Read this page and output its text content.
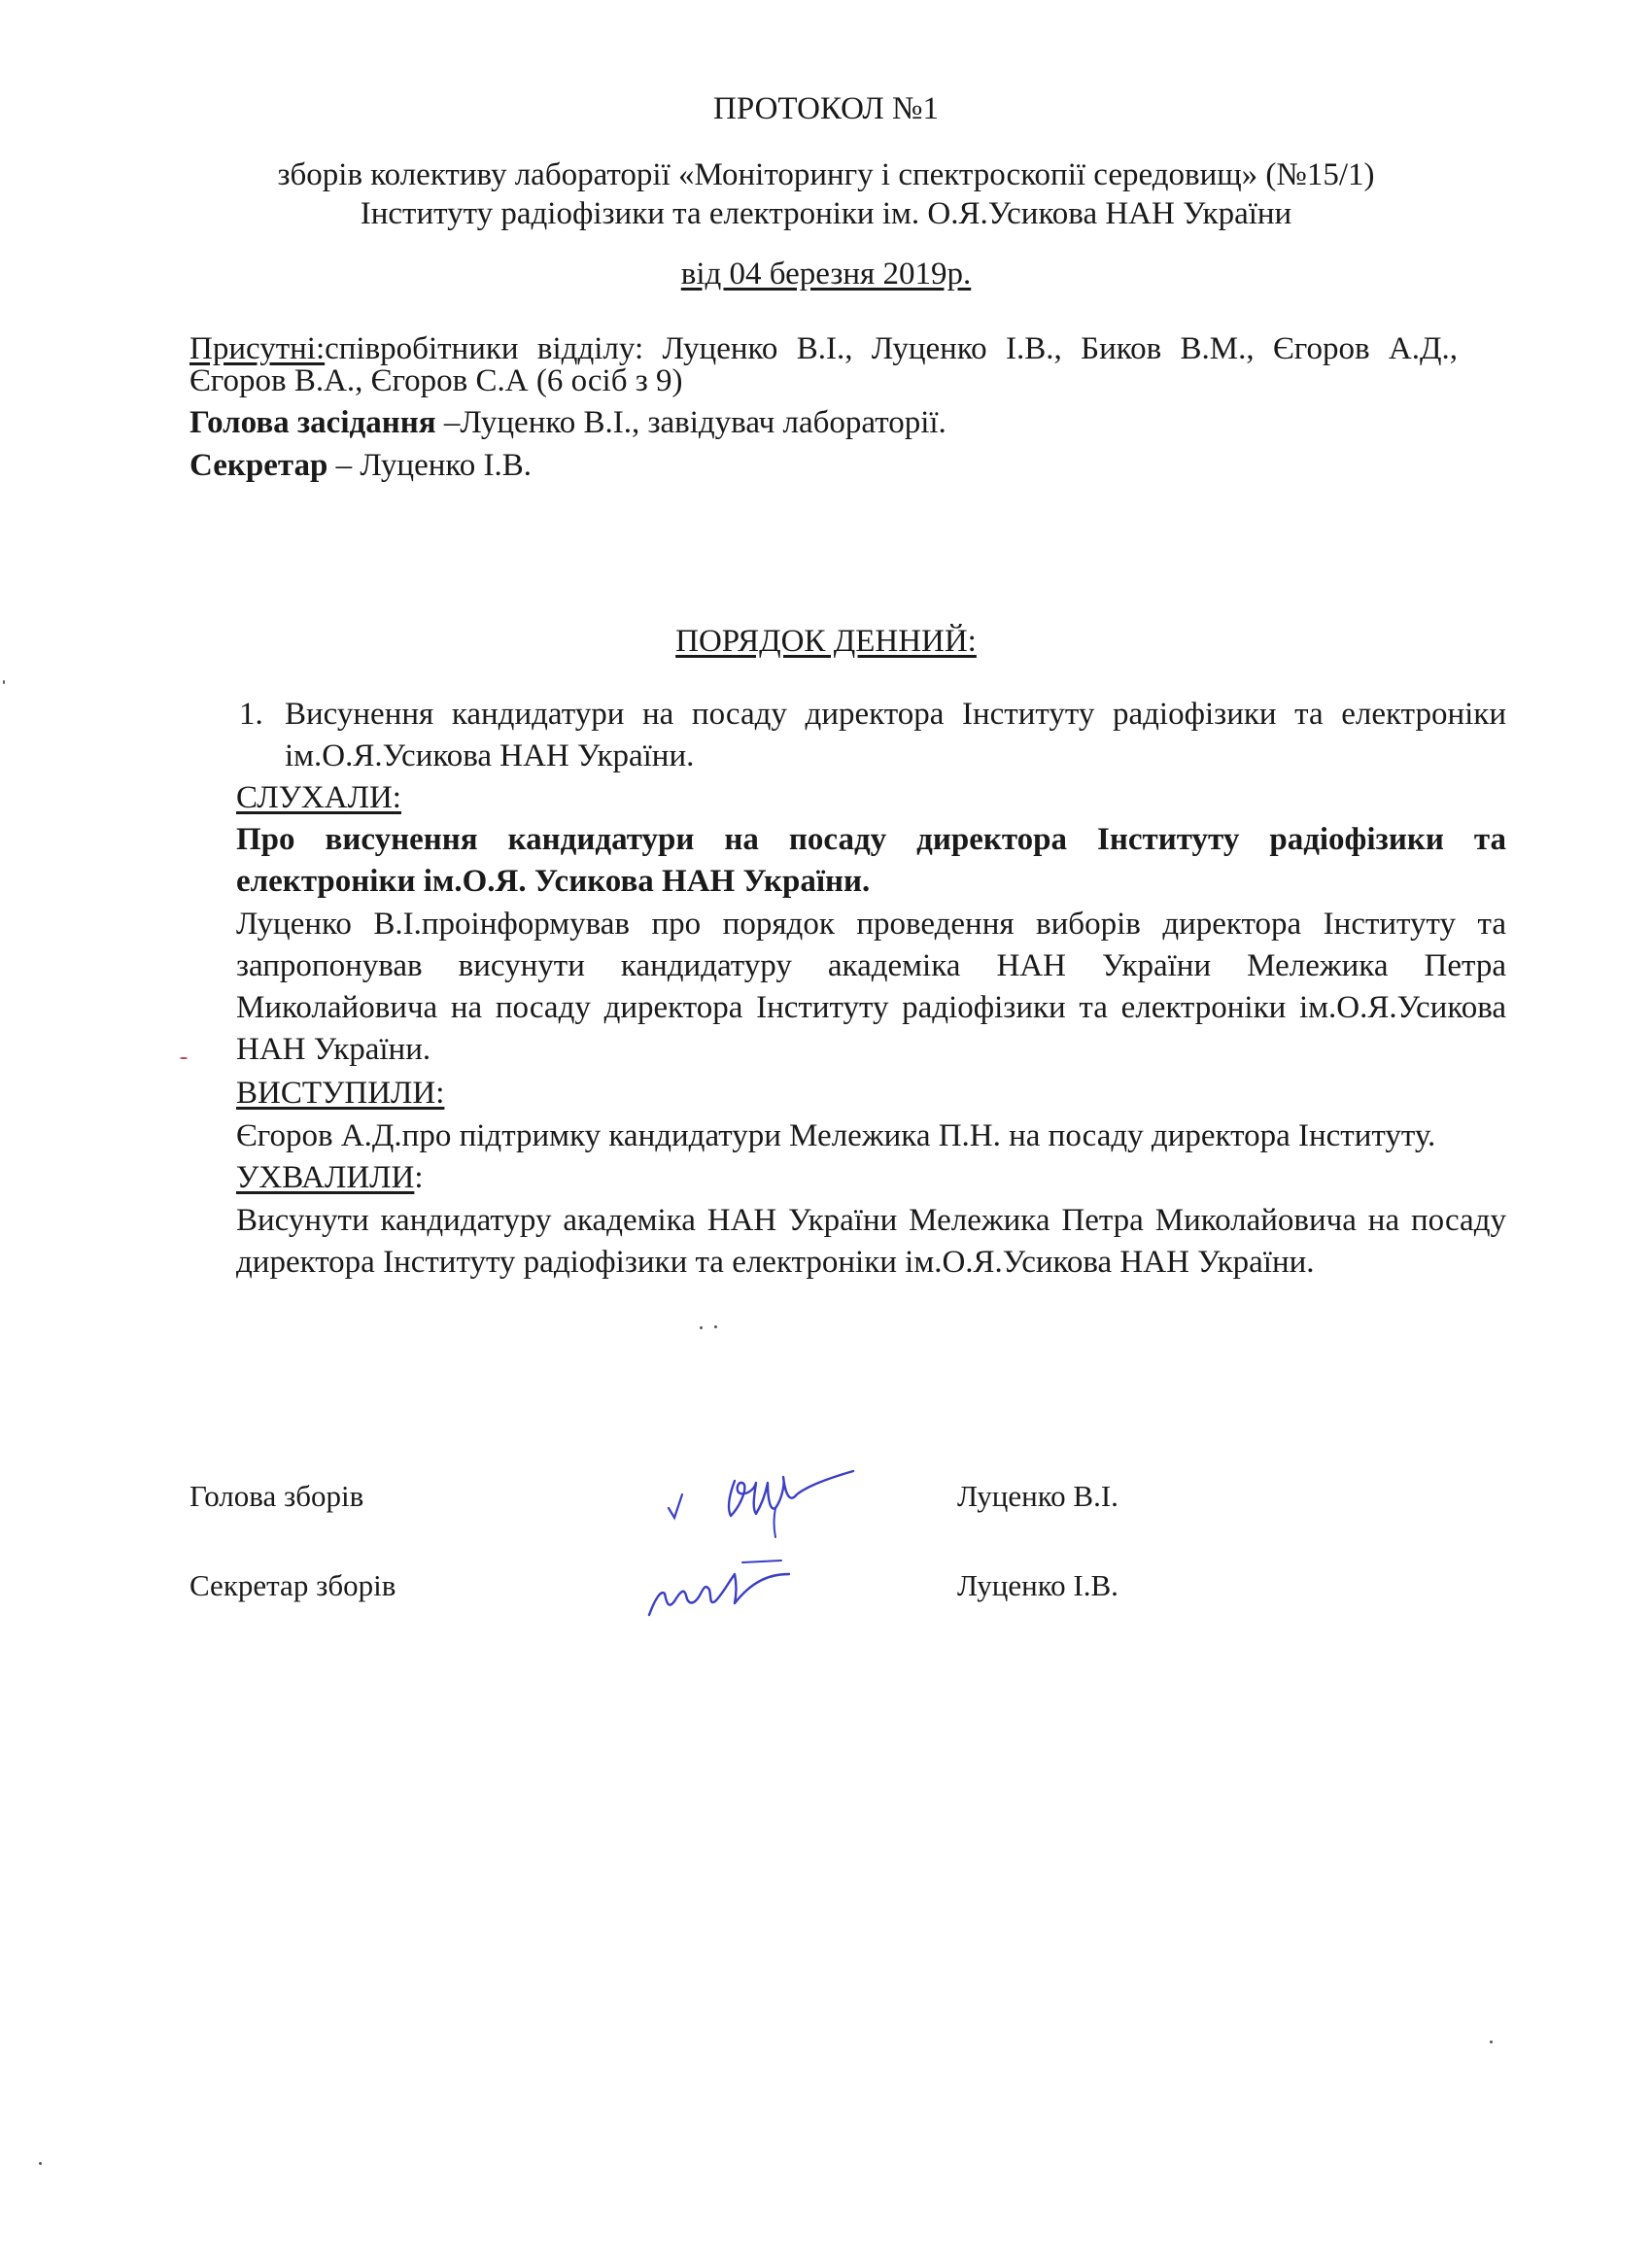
ПРОТОКОЛ №1
зборів колективу лабораторії «Моніторингу і спектроскопії середовищ» (№15/1)
Інституту радіофізики та електроніки ім. О.Я.Усикова НАН України
від 04 березня 2019р.
Присутні:співробітники відділу: Луценко В.І., Луценко І.В., Биков В.М., Єгоров А.Д.,
Єгоров В.А., Єгоров С.А (6 осіб з 9)
Голова засідання –Луценко В.І., завідувач лабораторії.
Секретар – Луценко І.В.
ПОРЯДОК ДЕННИЙ:
1. Висунення кандидатури на посаду директора Інституту радіофізики та електроніки ім.О.Я.Усикова НАН України.
СЛУХАЛИ:
Про висунення кандидатури на посаду директора Інституту радіофізики та електроніки ім.О.Я. Усикова НАН України.
Луценко В.І.проінформував про порядок проведення виборів директора Інституту та запропонував висунути кандидатуру академіка НАН України Мележика Петра Миколайовича на посаду директора Інституту радіофізики та електроніки ім.О.Я.Усикова НАН України.
ВИСТУПИЛИ:
Єгоров А.Д.про підтримку кандидатури Мележика П.Н. на посаду директора Інституту.
УХВАЛИЛИ:
Висунути кандидатуру академіка НАН України Мележика Петра Миколайовича на посаду директора Інституту радіофізики та електроніки ім.О.Я.Усикова НАН України.
Голова зборів	Луценко В.І.
Секретар зборів	Луценко І.В.
